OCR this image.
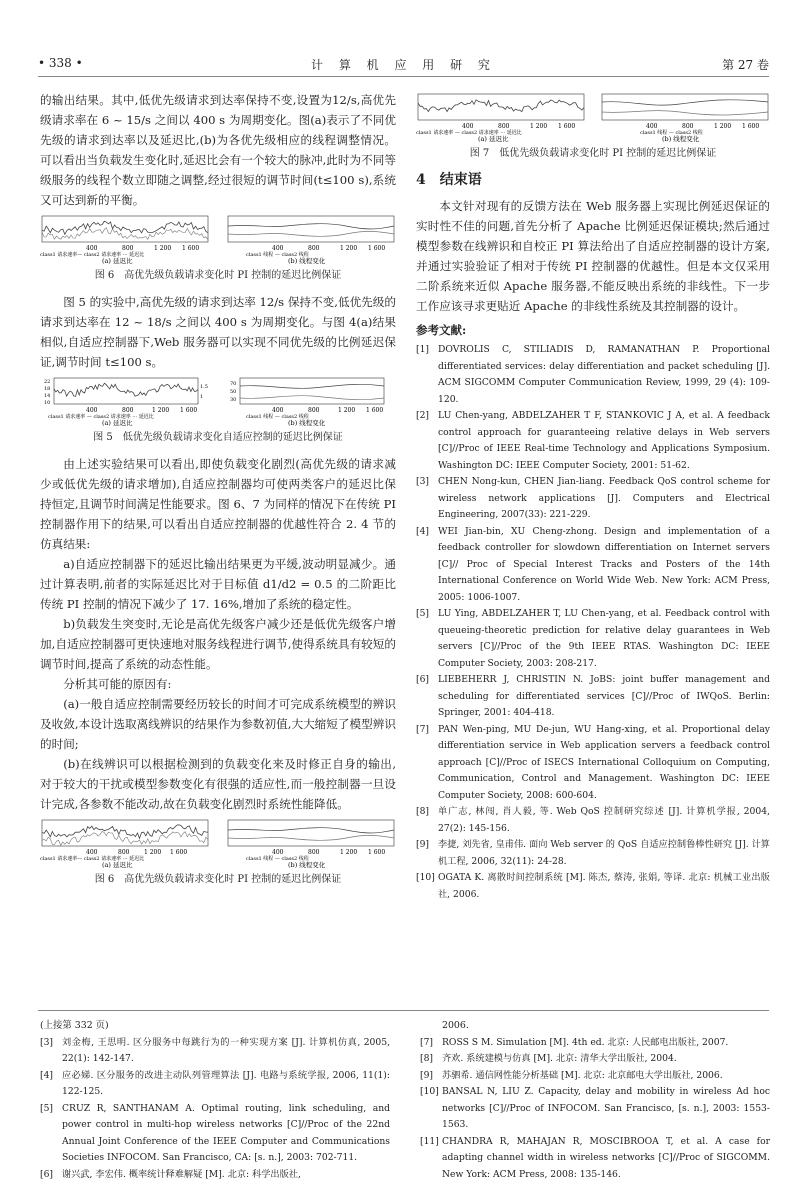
• 338 •	计 算 机 应 用 研 究	第 27 卷

的输出结果。其中,低优先级请求到达率保持不变,设置为12/s,高优先级请求率在 6 ~ 15/s 之间以 400 s 为周期变化。图(a)表示了不同优先级的请求到达率以及延迟比,(b)为各优先级相应的线程调整情况。可以看出当负载发生变化时,延迟比会有一个较大的脉冲,此时为不同等级服务的线程个数立即随之调整,经过很短的调节时间(t≤100 s),系统又可达到新的平衡。

400	800	1 200 1 600
class1 请求速率— class2 请求速率 ··· 延迟比
(a) 延迟比
400	800	1 200 1 600
class1 线程 — class2 线程
(b) 线程变化
图 6　高优先级负载请求变化时 PI 控制的延迟比例保证

图 5 的实验中,高优先级的请求到达率 12/s 保持不变,低优先级的请求到达率在 12 ~ 18/s 之间以 400 s 为周期变化。与图 4(a)结果相似,自适应控制器下,Web 服务器可以实现不同优先级的比例延迟保证,调节时间 t≤100 s。

22
18
14
10
1.5
1
400	800	1 200 1 600
class1 请求速率 — class2 请求速率 ··· 延迟比
(a) 延迟比
70
50
30
400	800	1 200 1 600
class1 线程 — class2 线程
(b) 线程变化
图 5　低优先级负载请求变化自适应控制的延迟比例保证

由上述实验结果可以看出,即使负载变化剧烈(高优先级的请求减少或低优先级的请求增加),自适应控制器均可使两类客户的延迟比保持恒定,且调节时间满足性能要求。图 6、7 为同样的情况下在传统 PI 控制器作用下的结果,可以看出自适应控制器的优越性符合 2. 4 节的仿真结果:

a)自适应控制器下的延迟比输出结果更为平缓,波动明显减少。通过计算表明,前者的实际延迟比对于目标值 d1/d2 = 0.5 的二阶距比传统 PI 控制的情况下减少了 17. 16%,增加了系统的稳定性。

b)负载发生突变时,无论是高优先级客户减少还是低优先级客户增加,自适应控制器可更快速地对服务线程进行调节,使得系统具有较短的调节时间,提高了系统的动态性能。

分析其可能的原因有:

(a)一般自适应控制需要经历较长的时间才可完成系统模型的辨识及收敛,本设计选取离线辨识的结果作为参数初值,大大缩短了模型辨识的时间;

(b)在线辨识可以根据检测到的负载变化来及时修正自身的输出,对于较大的干扰或模型参数变化有很强的适应性,而一般控制器一旦设计完成,各参数不能改动,故在负载变化剧烈时系统性能降低。

400	800 1 200 1 600
class1 请求速率— class2 请求速率 ··· 延迟比
(a) 延迟比
400	800	1 200 1 600
class1 线程 — class2 线程
(b) 线程变化
图 6　高优先级负载请求变化时 PI 控制的延迟比例保证
400	800	1 200 1 600
class1 请求速率 — class2 请求速率 ··· 延迟比
(a) 延迟比
400	800	1 200 1 600
class1 线程 — class2 线程
(b) 线程变化
图 7　低优先级负载请求变化时 PI 控制的延迟比例保证
4　结束语

本文针对现有的反馈方法在 Web 服务器上实现比例延迟保证的实时性不佳的问题,首先分析了 Apache 比例延迟保证模块;然后通过模型参数在线辨识和自校正 PI 算法给出了自适应控制器的设计方案,并通过实验验证了相对于传统 PI 控制器的优越性。但是本文仅采用二阶系统来近似 Apache 服务器,不能反映出系统的非线性。下一步工作应该寻求更贴近 Apache 的非线性系统及其控制器的设计。

参考文献:
[1] DOVROLIS C, STILIADIS D, RAMANATHAN P. Proportional differentiated services: delay differentiation and packet scheduling [J]. ACM SIGCOMM Computer Communication Review, 1999, 29 (4): 109-120.
[2] LU Chen-yang, ABDELZAHER T F, STANKOVIC J A, et al. A feedback control approach for guaranteeing relative delays in Web servers [C]//Proc of IEEE Real-time Technology and Applications Symposium. Washington DC: IEEE Computer Society, 2001: 51-62.
[3] CHEN Nong-kun, CHEN Jian-liang. Feedback QoS control scheme for wireless network applications [J]. Computers and Electrical Engineering, 2007(33): 221-229.
[4] WEI Jian-bin, XU Cheng-zhong. Design and implementation of a feedback controller for slowdown differentiation on Internet servers [C]// Proc of Special Interest Tracks and Posters of the 14th International Conference on World Wide Web. New York: ACM Press, 2005: 1006-1007.
[5] LU Ying, ABDELZAHER T, LU Chen-yang, et al. Feedback control with queueing-theoretic prediction for relative delay guarantees in Web servers [C]//Proc of the 9th IEEE RTAS. Washington DC: IEEE Computer Society, 2003: 208-217.
[6] LIEBEHERR J, CHRISTIN N. JoBS: joint buffer management and scheduling for differentiated services [C]//Proc of IWQoS. Berlin: Springer, 2001: 404-418.
[7] PAN Wen-ping, MU De-jun, WU Hang-xing, et al. Proportional delay differentiation service in Web application servers a feedback control approach [C]//Proc of ISECS International Colloquium on Computing, Communication, Control and Management. Washington DC: IEEE Computer Society, 2008: 600-604.
[8] 单广志, 林闯, 肖人毅, 等. Web QoS 控制研究综述 [J]. 计算机学报, 2004, 27(2): 145-156.
[9] 李捷, 刘先省, 皇甫伟. 面向 Web server 的 QoS 自适应控制鲁棒性研究 [J]. 计算机工程, 2006, 32(11): 24-28.
[10] OGATA K. 离散时间控制系统 [M]. 陈杰, 蔡涛, 张娟, 等译. 北京: 机械工业出版社, 2006.
(上接第 332 页)
[3] 刘金梅, 王思明. 区分服务中每跳行为的一种实现方案 [J]. 计算机仿真, 2005, 22(1): 142-147.
[4] 应必娣. 区分服务的改进主动队列管理算法 [J]. 电路与系统学报, 2006, 11(1): 122-125.
[5] CRUZ R, SANTHANAM A. Optimal routing, link scheduling, and power control in multi-hop wireless networks [C]//Proc of the 22nd Annual Joint Conference of the IEEE Computer and Communications Societies INFOCOM. San Francisco, CA: [s. n.], 2003: 702-711.
[6] 谢兴武, 李宏伟. 概率统计释难解疑 [M]. 北京: 科学出版社,
2006.
[7] ROSS S M. Simulation [M]. 4th ed. 北京: 人民邮电出版社, 2007.
[8] 齐欢. 系统建模与仿真 [M]. 北京: 清华大学出版社, 2004.
[9] 苏驷希. 通信网性能分析基础 [M]. 北京: 北京邮电大学出版社, 2006.
[10] BANSAL N, LIU Z. Capacity, delay and mobility in wireless Ad hoc networks [C]//Proc of INFOCOM. San Francisco, [s. n.], 2003: 1553-1563.
[11] CHANDRA R, MAHAJAN R, MOSCIBROOA T, et al. A case for adapting channel width in wireless networks [C]//Proc of SIGCOMM. New York: ACM Press, 2008: 135-146.
